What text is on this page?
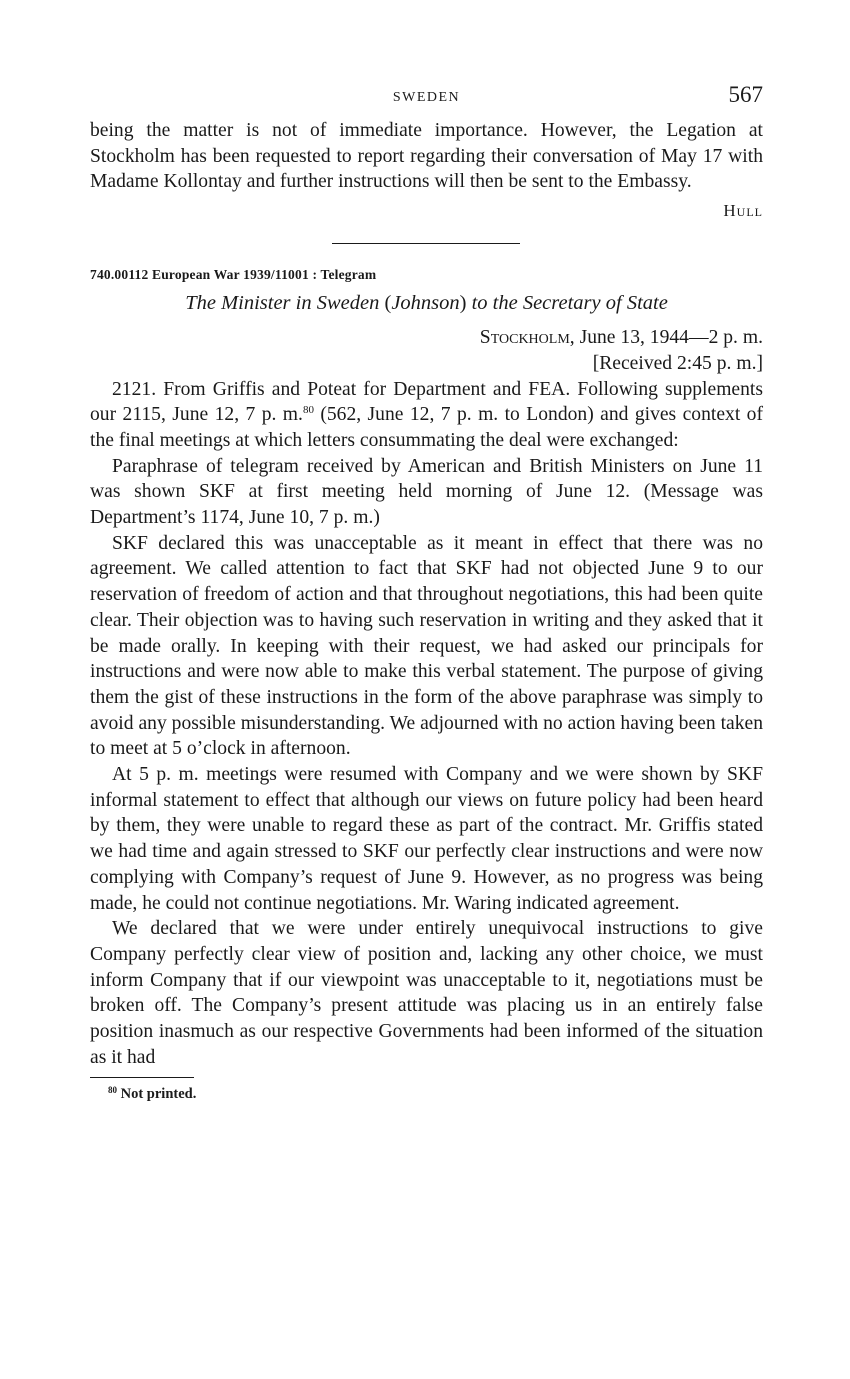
SWEDEN	567

being the matter is not of immediate importance. However, the Legation at Stockholm has been requested to report regarding their conversation of May 17 with Madame Kollontay and further instructions will then be sent to the Embassy.

Hull
740.00112 European War 1939/11001 : Telegram
The Minister in Sweden (Johnson) to the Secretary of State
Stockholm, June 13, 1944—2 p. m.
[Received 2:45 p. m.]

2121. From Griffis and Poteat for Department and FEA. Following supplements our 2115, June 12, 7 p. m.$^{80}$ (562, June 12, 7 p. m. to London) and gives context of the final meetings at which letters consummating the deal were exchanged:

Paraphrase of telegram received by American and British Ministers on June 11 was shown SKF at first meeting held morning of June 12. (Message was Department’s 1174, June 10, 7 p. m.)

SKF declared this was unacceptable as it meant in effect that there was no agreement. We called attention to fact that SKF had not objected June 9 to our reservation of freedom of action and that throughout negotiations, this had been quite clear. Their objection was to having such reservation in writing and they asked that it be made orally. In keeping with their request, we had asked our principals for instructions and were now able to make this verbal statement. The purpose of giving them the gist of these instructions in the form of the above paraphrase was simply to avoid any possible misunderstanding. We adjourned with no action having been taken to meet at 5 o’clock in afternoon.

At 5 p. m. meetings were resumed with Company and we were shown by SKF informal statement to effect that although our views on future policy had been heard by them, they were unable to regard these as part of the contract. Mr. Griffis stated we had time and again stressed to SKF our perfectly clear instructions and were now complying with Company’s request of June 9. However, as no progress was being made, he could not continue negotiations. Mr. Waring indicated agreement.

We declared that we were under entirely unequivocal instructions to give Company perfectly clear view of position and, lacking any other choice, we must inform Company that if our viewpoint was unacceptable to it, negotiations must be broken off. The Company’s present attitude was placing us in an entirely false position inasmuch as our respective Governments had been informed of the situation as it had

$^{80}$ Not printed.
